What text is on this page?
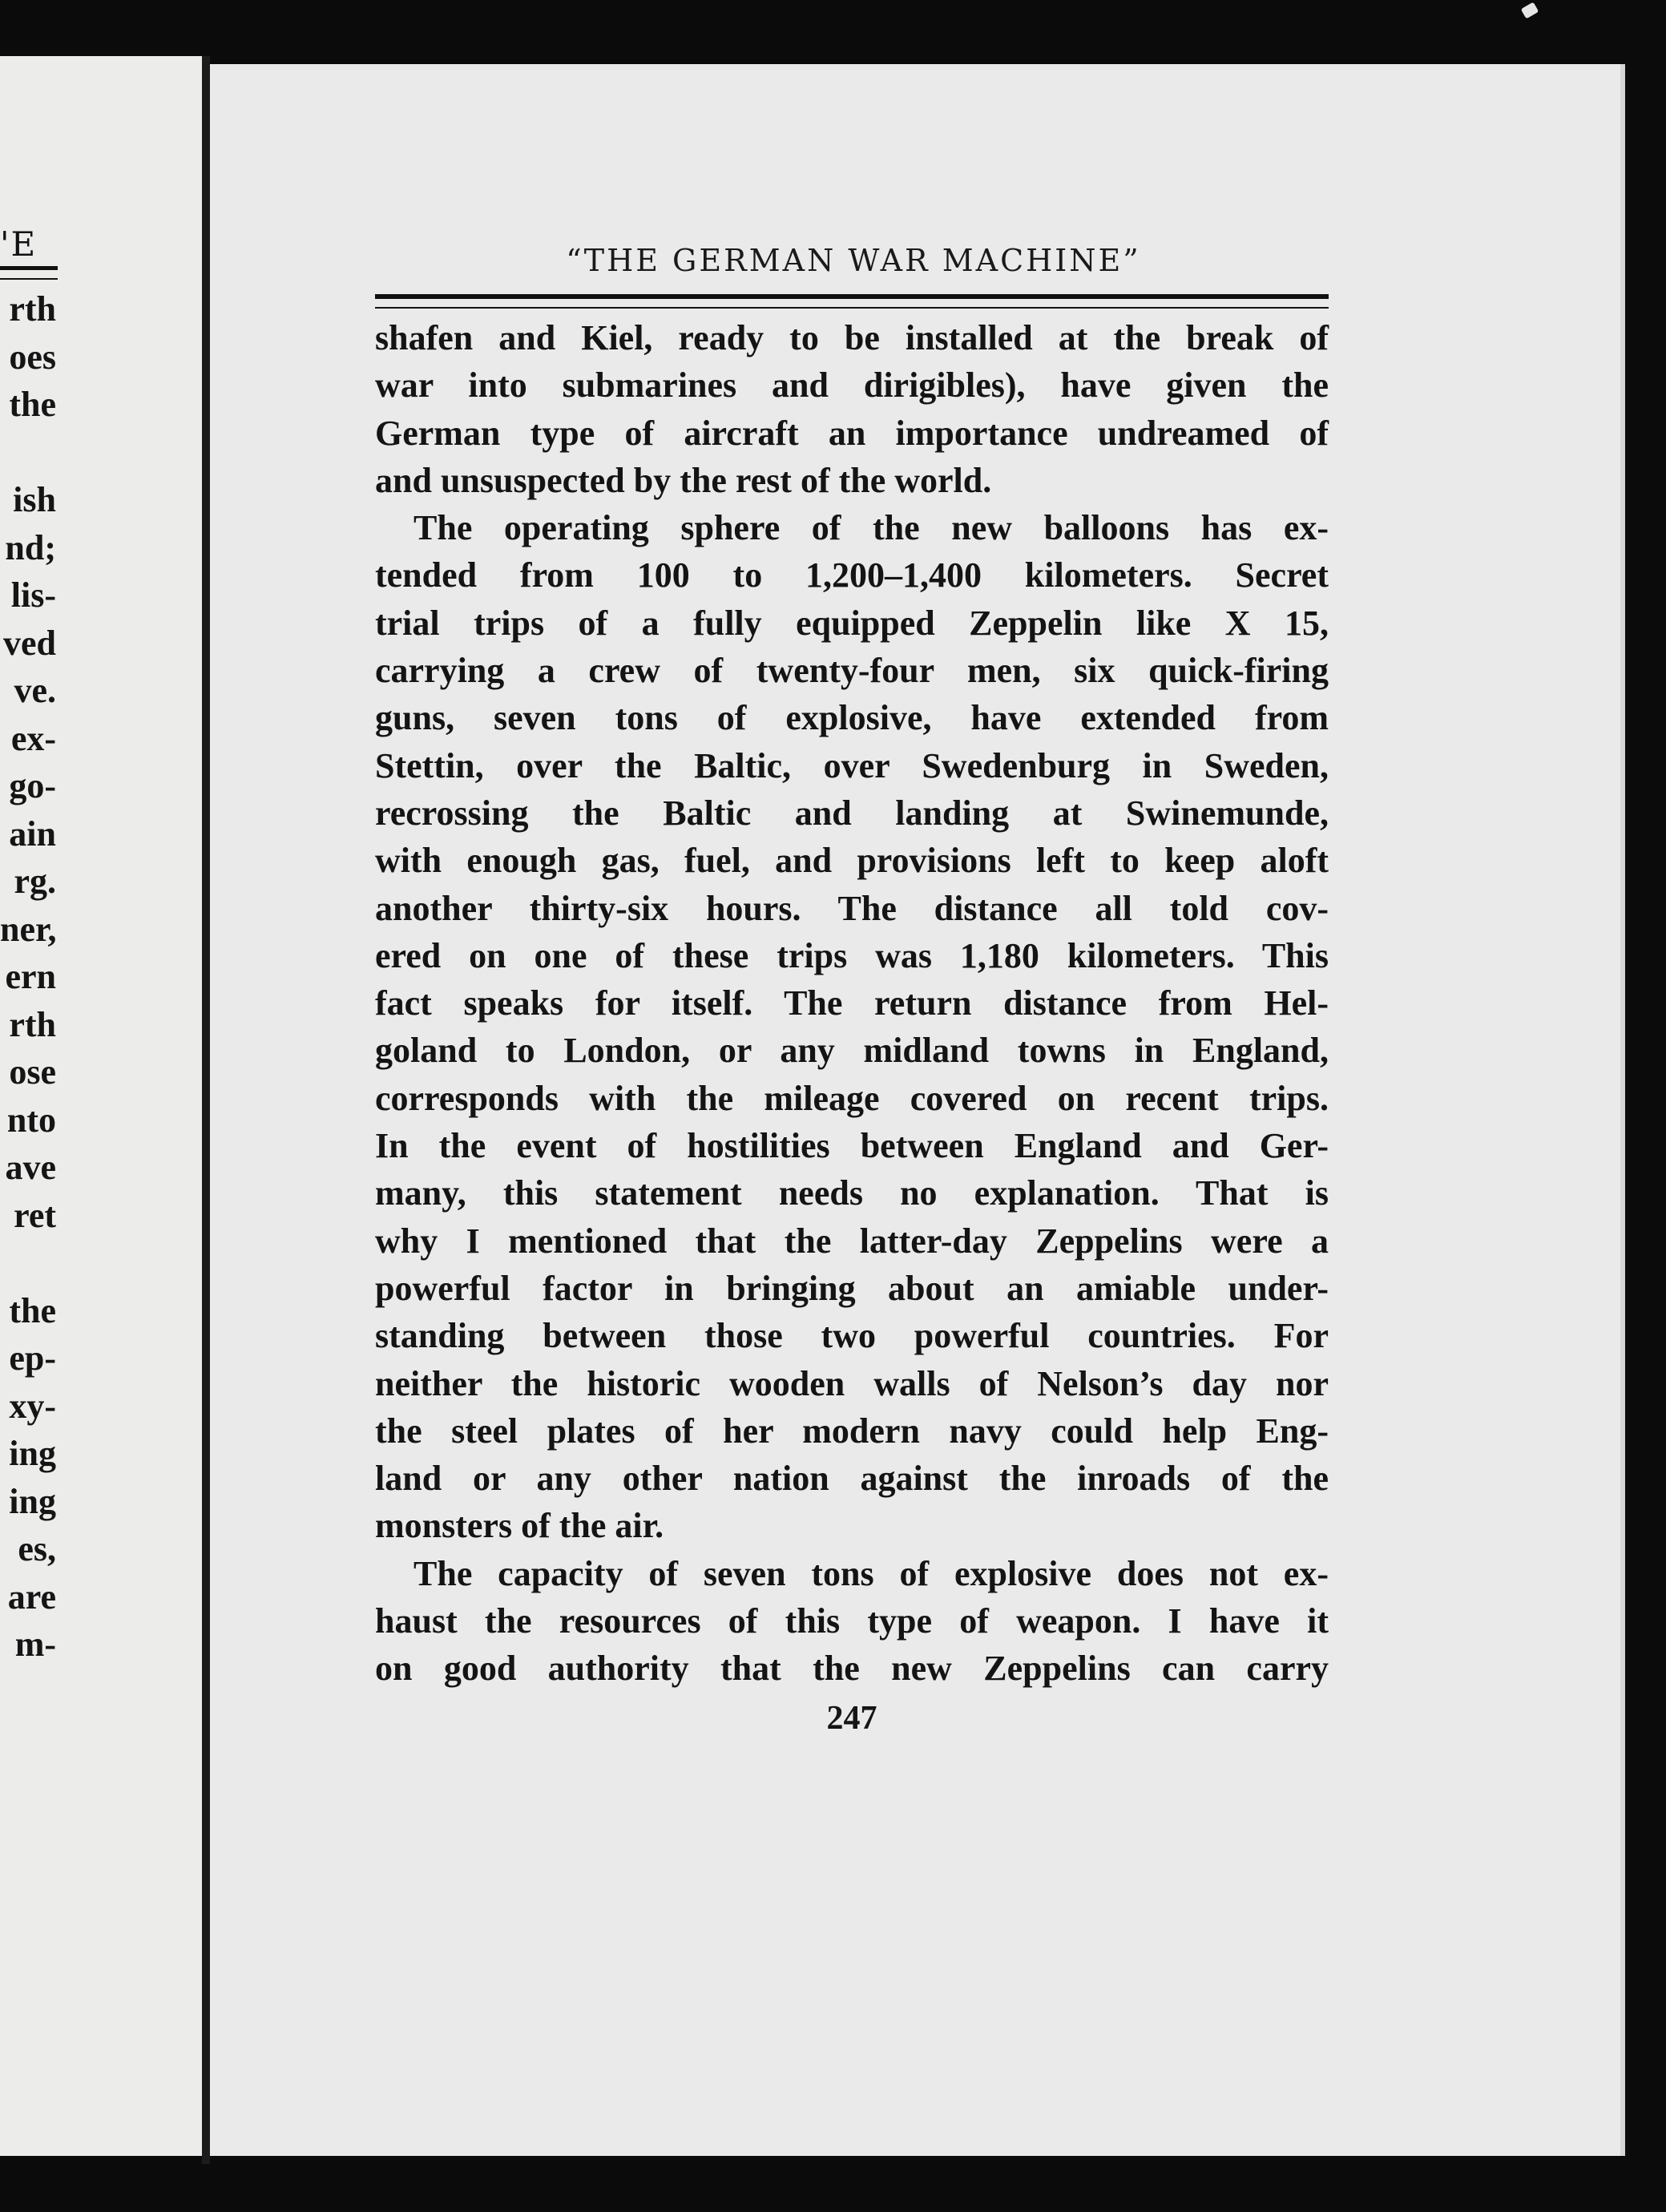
'E
rth
oes
the
ish
nd;
lis-
ved
ve.
ex-
go-
ain
rg.
ner,
ern
rth
ose
nto
ave
ret
the
ep-
xy-
ing
ing
es,
are
m-
“THE GERMAN WAR MACHINE”
shafen and Kiel, ready to be installed at the break of
war into submarines and dirigibles), have given the
German type of aircraft an importance undreamed of
and unsuspected by the rest of the world.
The operating sphere of the new balloons has ex-
tended from 100 to 1,200–1,400 kilometers. Secret
trial trips of a fully equipped Zeppelin like X 15,
carrying a crew of twenty-four men, six quick-firing
guns, seven tons of explosive, have extended from
Stettin, over the Baltic, over Swedenburg in Sweden,
recrossing the Baltic and landing at Swinemunde,
with enough gas, fuel, and provisions left to keep aloft
another thirty-six hours. The distance all told cov-
ered on one of these trips was 1,180 kilometers. This
fact speaks for itself. The return distance from Hel-
goland to London, or any midland towns in England,
corresponds with the mileage covered on recent trips.
In the event of hostilities between England and Ger-
many, this statement needs no explanation. That is
why I mentioned that the latter-day Zeppelins were a
powerful factor in bringing about an amiable under-
standing between those two powerful countries. For
neither the historic wooden walls of Nelson’s day nor
the steel plates of her modern navy could help Eng-
land or any other nation against the inroads of the
monsters of the air.
The capacity of seven tons of explosive does not ex-
haust the resources of this type of weapon. I have it
on good authority that the new Zeppelins can carry
247
